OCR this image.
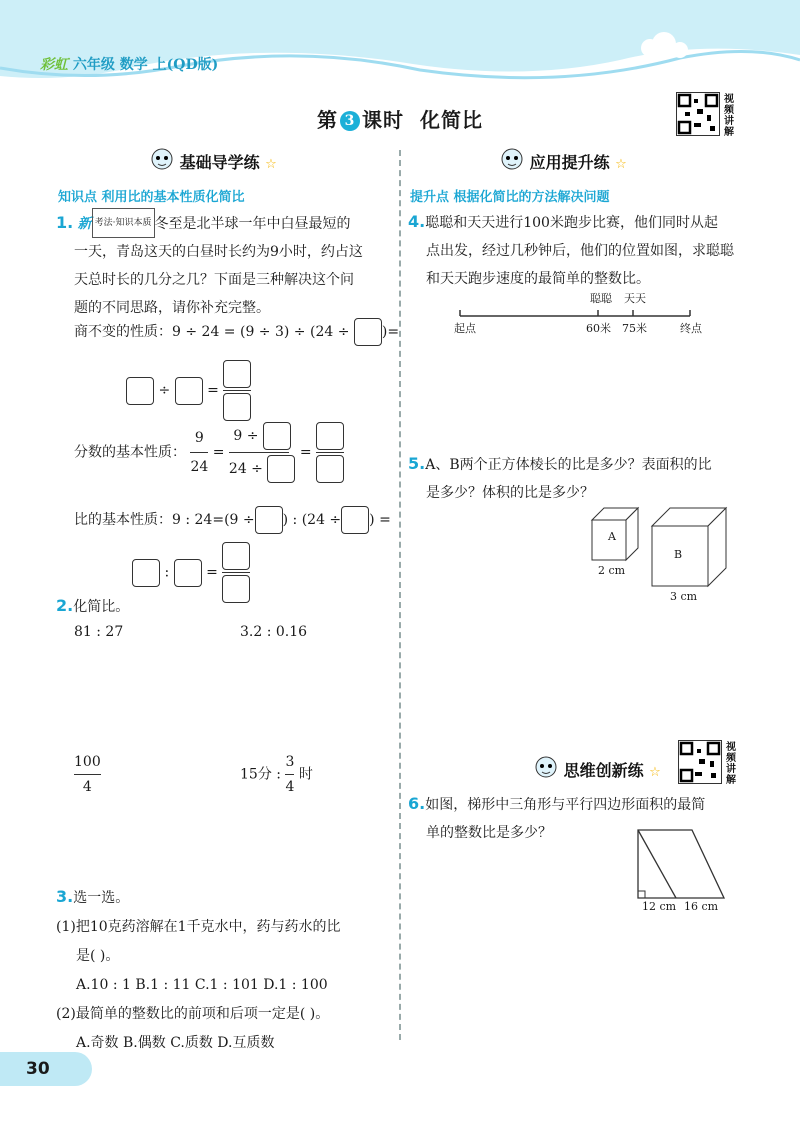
彩虹 六年级 数学 上(QD版)
第 3 课时 化简比
视频讲解
基础导学练 ☆
知识点 利用比的基本性质化简比
1. 新 考法·知识本质 冬至是北半球一年中白昼最短的
一天，青岛这天的白昼时长约为9小时，约占这
天总时长的几分之几？下面是三种解决这个问
题的不同思路，请你补充完整。
商不变的性质：9 ÷ 24 = (9 ÷ 3) ÷ (24 ÷ )=
÷	=
分数的基本性质： $\frac{9}{24} = \frac{9 \div}{24 \div}$ =
比的基本性质：9 : 24=(9 ÷ ) : (24 ÷ ) =
:	=
2.化简比。
81 : 27	3.2 : 0.16
$\frac{100}{4}$	15分 : $\frac{3}{4}$ 时
3.选一选。
(1)把10克药溶解在1千克水中，药与药水的比
是( )。
A.10 : 1 B.1 : 11 C.1 : 101 D.1 : 100
(2)最简单的整数比的前项和后项一定是( )。
A.奇数 B.偶数 C.质数 D.互质数
应用提升练 ☆
提升点 根据化简比的方法解决问题
4.聪聪和天天进行100米跑步比赛，他们同时从起
点出发，经过几秒钟后，他们的位置如图，求聪聪
和天天跑步速度的最简单的整数比。
聪聪 天天
起点	60米 75米	终点
5.A、B两个正方体棱长的比是多少？表面积的比
是多少？体积的比是多少？
A
B
2 cm
3 cm
思维创新练 ☆
视频讲解
6.如图，梯形中三角形与平行四边形面积的最简
单的整数比是多少？
12 cm 16 cm
30
